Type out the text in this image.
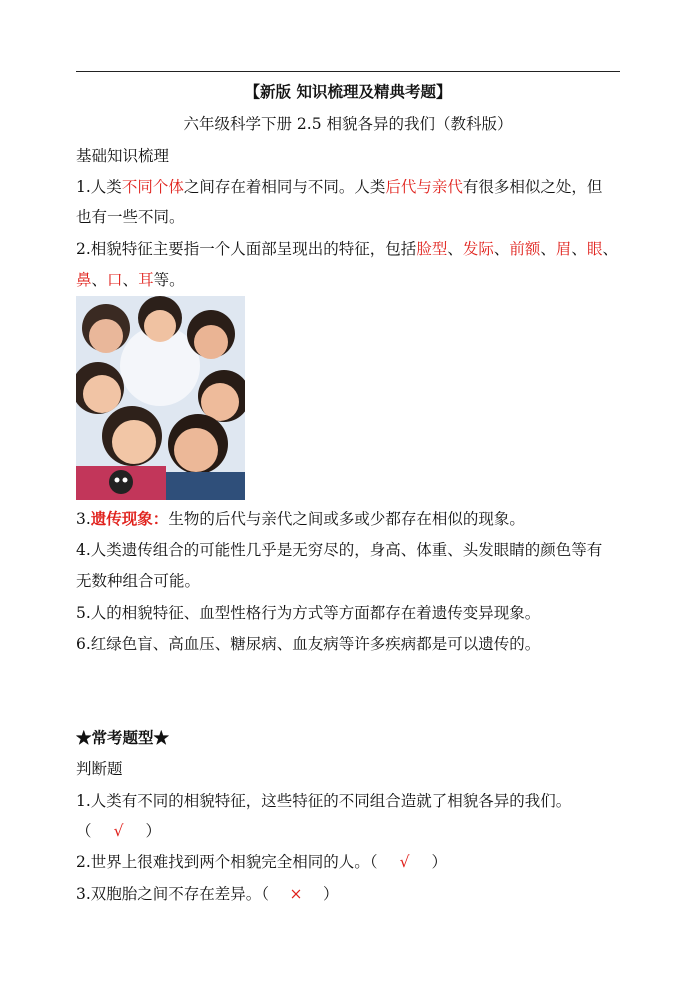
【新版 知识梳理及精典考题】
六年级科学下册 2.5 相貌各异的我们（教科版）
基础知识梳理
1.人类不同个体之间存在着相同与不同。人类后代与亲代有很多相似之处，但
也有一些不同。
2.相貌特征主要指一个人面部呈现出的特征，包括脸型、发际、前额、眉、眼、
鼻、口、耳等。
3.遗传现象：生物的后代与亲代之间或多或少都存在相似的现象。
4.人类遗传组合的可能性几乎是无穷尽的，身高、体重、头发眼睛的颜色等有
无数种组合可能。
5.人的相貌特征、血型性格行为方式等方面都存在着遗传变异现象。
6.红绿色盲、高血压、糖尿病、血友病等许多疾病都是可以遗传的。
★常考题型★
判断题
1.人类有不同的相貌特征，这些特征的不同组合造就了相貌各异的我们。
（ √ ）
2.世界上很难找到两个相貌完全相同的人。（ √ ）
3.双胞胎之间不存在差异。（ × ）
